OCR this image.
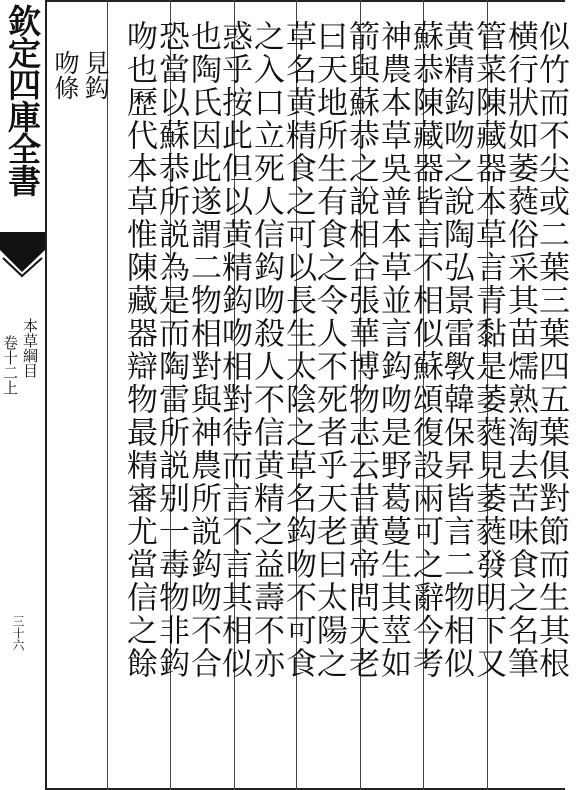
欽定四庫全書
本草綱目
卷十二上
三十六	似竹而不尖或二葉三葉四五葉俱對節而生其根
横行狀如萎蕤俗采其苗燸熟淘去苦味食之名筆
管菜陳藏器本草言青黏是萎蕤見萎蕤發明下又
黄精鈎吻之說陶弘景雷斆韓保昇皆言二物相似
蘇恭陳藏器皆言不相似蘇頌復設兩可之辭今考
神農本草吳普本草並言鈎吻是野葛蔓生其莖如
箭與蘇恭之說相合張華博物志云昔黄帝問天老
曰天地所生有食之令人不死者乎天老曰太陽之
草名黄精食之可以長生太陰之草名鈎吻不可食
之入口立死人信鈎吻殺人不信黄精之益壽不亦
惑乎按此但以黄精鈎吻相對待而言不言其相似
也陶氏因此遂謂二物相對與神農所説鈎吻不合
恐當以蘇恭所説為是而陶雷所説别一毒物非鈎
吻也歷代本草惟陳藏器辯物最精審尤當信之餘
見鈎
吻條
